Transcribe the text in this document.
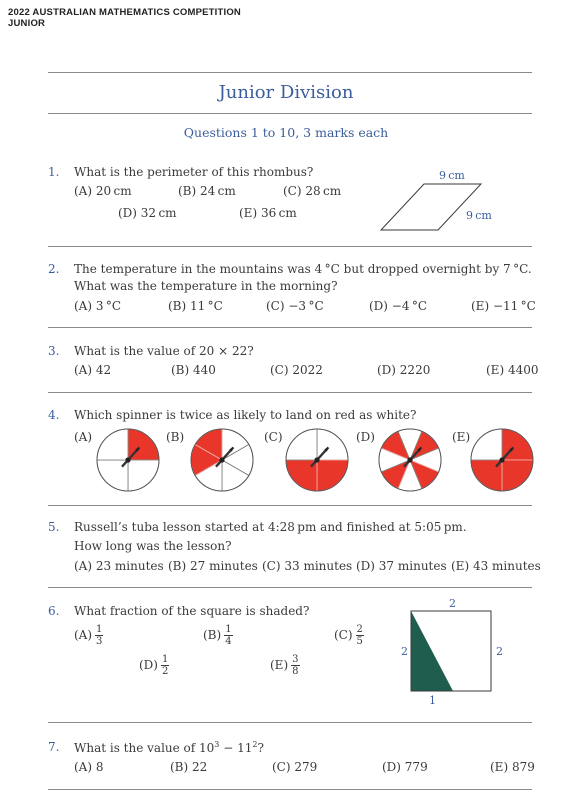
2022 AUSTRALIAN MATHEMATICS COMPETITION
JUNIOR
Junior Division
Questions 1 to 10, 3 marks each
1. What is the perimeter of this rhombus?
(A) 20 cm	(B) 24 cm	(C) 28 cm
(D) 32 cm	(E) 36 cm
9 cm
9 cm
2. The temperature in the mountains was 4 °C but dropped overnight by 7 °C.
What was the temperature in the morning?
(A) 3 °C	(B) 11 °C	(C) −3 °C	(D) −4 °C	(E) −11 °C
3. What is the value of 20 × 22?
(A) 42	(B) 440	(C) 2022	(D) 2220	(E) 4400
4. Which spinner is twice as likely to land on red as white?
(A)	(B)	(C)	(D)	(E)
5. Russell’s tuba lesson started at 4:28 pm and finished at 5:05 pm.
How long was the lesson?
(A) 23 minutes (B) 27 minutes (C) 33 minutes (D) 37 minutes (E) 43 minutes
6. What fraction of the square is shaded?
$(A) \frac{1}{3}$	$(B) \frac{1}{4}$	$(C) \frac{2}{5}$
$(D) \frac{1}{2}$	$(E) \frac{3}{8}$
2
2	2
1
7. What is the value of $10^3 - 11^2$?
(A) 8	(B) 22	(C) 279	(D) 779	(E) 879
